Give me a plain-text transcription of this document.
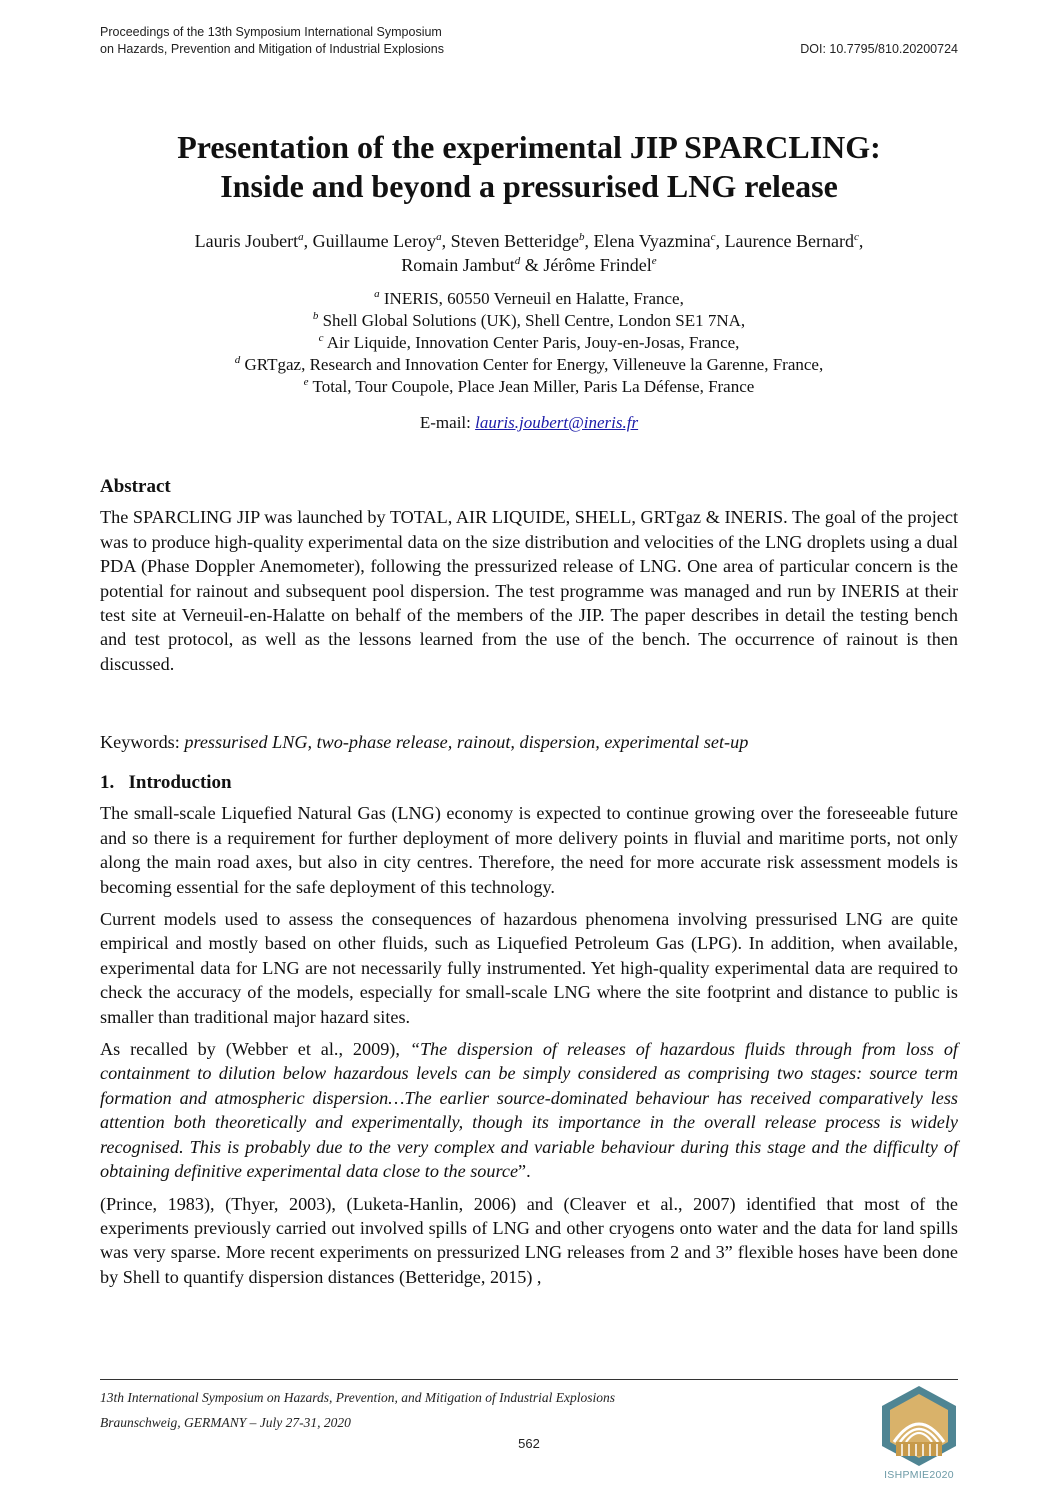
Proceedings of the 13th Symposium International Symposium
on Hazards, Prevention and Mitigation of Industrial Explosions	DOI: 10.7795/810.20200724
Presentation of the experimental JIP SPARCLING:
Inside and beyond a pressurised LNG release
Lauris Joubert$^a$, Guillaume Leroy$^a$, Steven Betteridge$^b$, Elena Vyazmina$^c$, Laurence Bernard$^c$,
Romain Jambut$^d$ & Jérôme Frindel$^e$
$^a$ INERIS, 60550 Verneuil en Halatte, France,
$^b$ Shell Global Solutions (UK), Shell Centre, London SE1 7NA,
$^c$ Air Liquide, Innovation Center Paris, Jouy-en-Josas, France,
$^d$ GRTgaz, Research and Innovation Center for Energy, Villeneuve la Garenne, France,
$^e$ Total, Tour Coupole, Place Jean Miller, Paris La Défense, France
E-mail: lauris.joubert@ineris.fr
Abstract
The SPARCLING JIP was launched by TOTAL, AIR LIQUIDE, SHELL, GRTgaz & INERIS. The goal of the project was to produce high-quality experimental data on the size distribution and velocities of the LNG droplets using a dual PDA (Phase Doppler Anemometer), following the pressurized release of LNG. One area of particular concern is the potential for rainout and subsequent pool dispersion. The test programme was managed and run by INERIS at their test site at Verneuil-en-Halatte on behalf of the members of the JIP. The paper describes in detail the testing bench and test protocol, as well as the lessons learned from the use of the bench. The occurrence of rainout is then discussed.
Keywords: pressurised LNG, two-phase release, rainout, dispersion, experimental set-up
1. Introduction

The small-scale Liquefied Natural Gas (LNG) economy is expected to continue growing over the foreseeable future and so there is a requirement for further deployment of more delivery points in fluvial and maritime ports, not only along the main road axes, but also in city centres. Therefore, the need for more accurate risk assessment models is becoming essential for the safe deployment of this technology.

Current models used to assess the consequences of hazardous phenomena involving pressurised LNG are quite empirical and mostly based on other fluids, such as Liquefied Petroleum Gas (LPG). In addition, when available, experimental data for LNG are not necessarily fully instrumented. Yet high-quality experimental data are required to check the accuracy of the models, especially for small-scale LNG where the site footprint and distance to public is smaller than traditional major hazard sites.

As recalled by (Webber et al., 2009), “The dispersion of releases of hazardous fluids through from loss of containment to dilution below hazardous levels can be simply considered as comprising two stages: source term formation and atmospheric dispersion…The earlier source-dominated behaviour has received comparatively less attention both theoretically and experimentally, though its importance in the overall release process is widely recognised. This is probably due to the very complex and variable behaviour during this stage and the difficulty of obtaining definitive experimental data close to the source”.

(Prince, 1983), (Thyer, 2003), (Luketa-Hanlin, 2006) and (Cleaver et al., 2007) identified that most of the experiments previously carried out involved spills of LNG and other cryogens onto water and the data for land spills was very sparse. More recent experiments on pressurized LNG releases from 2 and 3” flexible hoses have been done by Shell to quantify dispersion distances (Betteridge, 2015) ,

13th International Symposium on Hazards, Prevention, and Mitigation of Industrial Explosions
Braunschweig, GERMANY – July 27-31, 2020
562
ISHPMIE2020
